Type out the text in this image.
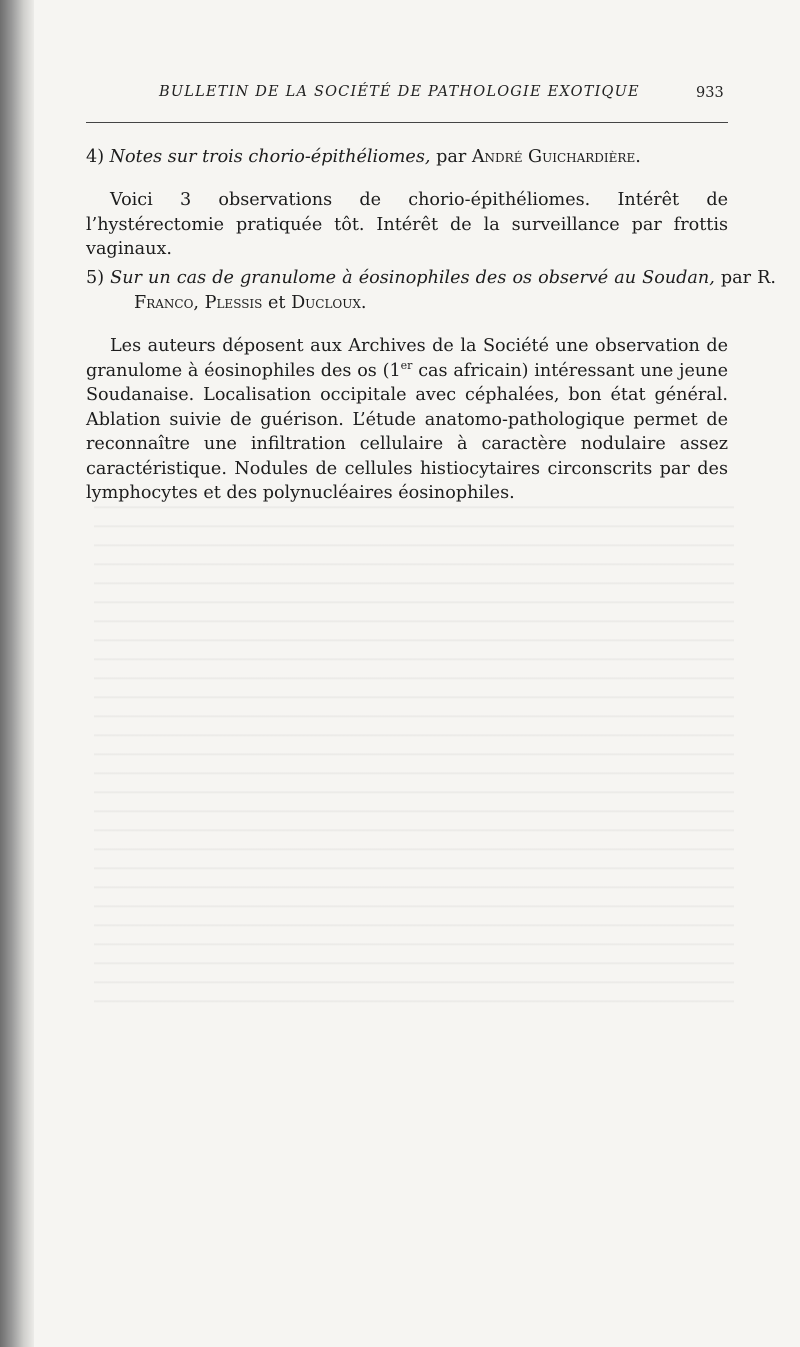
BULLETIN DE LA SOCIÉTÉ DE PATHOLOGIE EXOTIQUE	933

4) Notes sur trois chorio-épithéliomes, par André Guichardière.

Voici 3 observations de chorio-épithéliomes. Intérêt de l’hystérectomie pratiquée tôt. Intérêt de la surveillance par frottis vaginaux.

5) Sur un cas de granulome à éosinophiles des os observé au Soudan, par R. Franco, Plessis et Ducloux.

Les auteurs déposent aux Archives de la Société une observation de granulome à éosinophiles des os (1er cas africain) intéressant une jeune Soudanaise. Localisation occipitale avec céphalées, bon état général. Ablation suivie de guérison. L’étude anatomo-pathologique permet de reconnaître une infiltration cellulaire à caractère nodulaire assez caractéristique. Nodules de cellules histiocytaires circonscrits par des lymphocytes et des polynucléaires éosinophiles.
